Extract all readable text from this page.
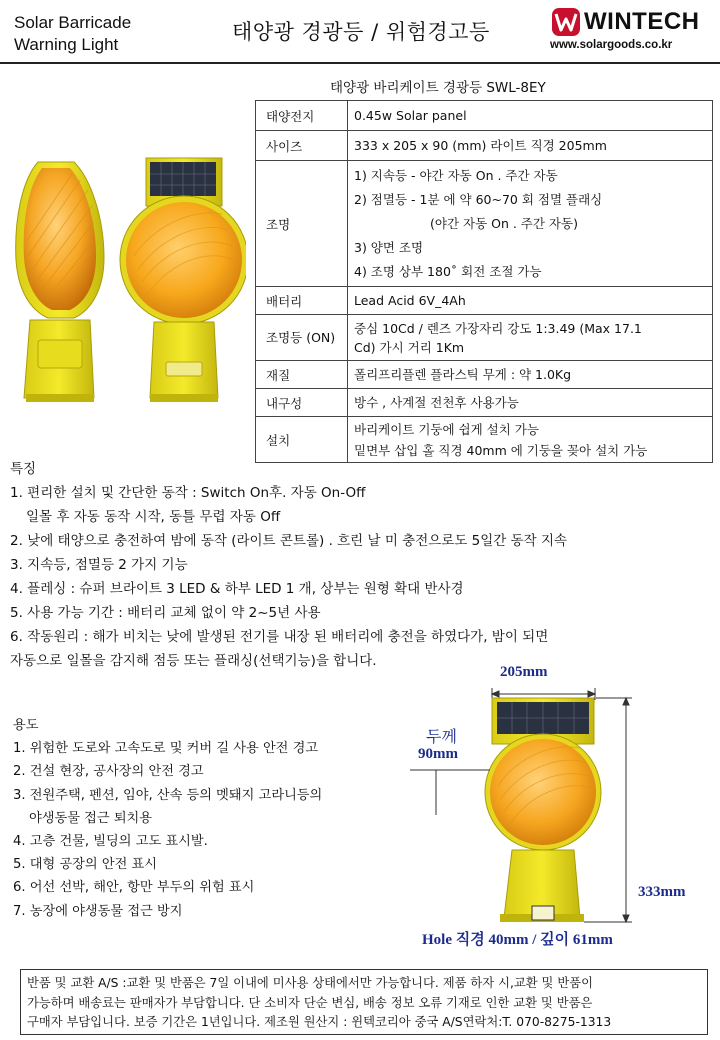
Solar Barricade
Warning Light
태양광 경광등 / 위험경고등	WINTECH
www.solargoods.co.kr
태양광 바리케이트 경광등 SWL-8EY
태양전지	0.45w Solar panel

사이즈	333 x 205 x 90 (mm) 라이트 직경 205mm

조명	1) 지속등 - 야간 자동 On . 주간 자동
2) 점멸등 - 1분 에 약 60~70 회 점멸 플래싱
(야간 자동 On . 주간 자동)
3) 양면 조명
4) 조명 상부 180˚ 회전 조절 가능

배터리	Lead Acid 6V_4Ah

조명등 (ON)	중심 10Cd / 렌즈 가장자리 강도 1:3.49 (Max 17.1
Cd) 가시 거리 1Km

재질	폴리프리플렌 플라스틱 무게 : 약 1.0Kg

내구성	방수 , 사계절 전천후 사용가능

설치	바리케이트 기둥에 쉽게 설치 가능
밑면부 삽입 홀 직경 40mm 에 기둥을 꽂아 설치 가능
특징
1. 편리한 설치 및 간단한 동작 : Switch On후. 자동 On-Off
일몰 후 자동 동작 시작, 동틀 무렵 자동 Off
2. 낮에 태양으로 충전하여 밤에 동작 (라이트 콘트롤) . 흐린 날 미 충전으로도 5일간 동작 지속
3. 지속등, 점멸등 2 가지 기능
4. 플레싱 : 슈퍼 브라이트 3 LED & 하부 LED 1 개, 상부는 원형 확대 반사경
5. 사용 가능 기간 : 배터리 교체 없이 약 2~5년 사용
6. 작동원리 : 해가 비치는 낮에 발생된 전기를 내장 된 배터리에 충전을 하였다가, 밤이 되면
자동으로 일몰을 감지해 점등 또는 플래싱(선택기능)을 합니다.
용도
1. 위험한 도로와 고속도로 및 커버 길 사용 안전 경고
2. 건설 현장, 공사장의 안전 경고
3. 전원주택, 펜션, 임야, 산속 등의 멧돼지 고라니등의
야생동물 접근 퇴치용
4. 고층 건물, 빌딩의 고도 표시발.
5. 대형 공장의 안전 표시
6. 어선 선박, 해안, 항만 부두의 위험 표시
7. 농장에 야생동물 접근 방지
205mm
두께
90mm
333mm
Hole 직경 40mm / 깊이 61mm
반품 및 교환 A/S :교환 및 반품은 7일 이내에 미사용 상태에서만 가능합니다. 제품 하자 시,교환 및 반품이
가능하며 배송료는 판매자가 부담합니다. 단 소비자 단순 변심, 배송 정보 오류 기재로 인한 교환 및 반품은
구매자 부담입니다. 보증 기간은 1년입니다. 제조원 원산지 : 윈텍코리아 중국 A/S연락처:T. 070-8275-1313
